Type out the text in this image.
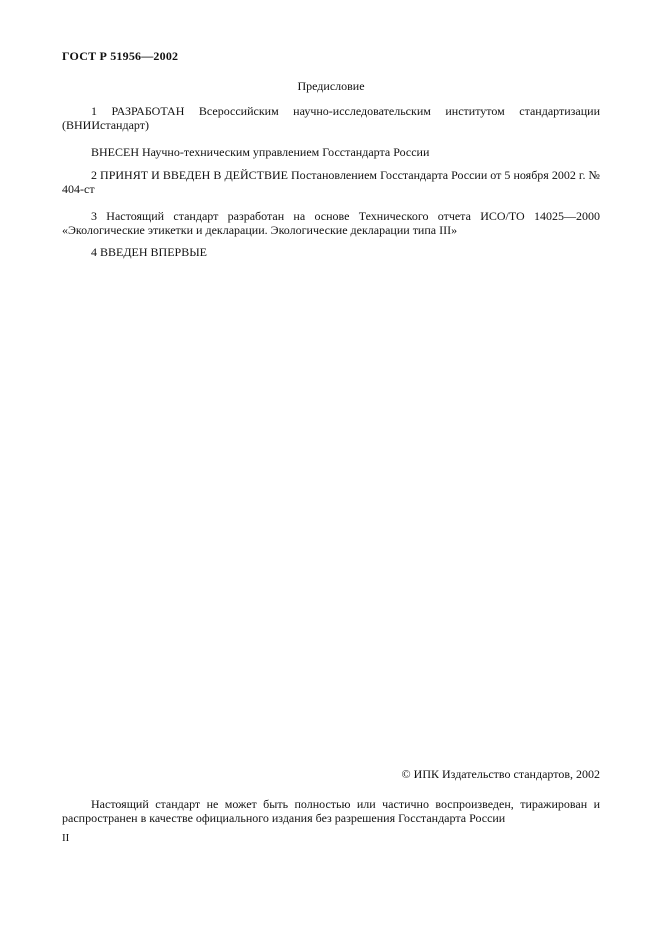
ГОСТ Р 51956—2002
Предисловие
1 РАЗРАБОТАН Всероссийским научно-исследовательским институтом стандартизации (ВНИИстандарт)
ВНЕСЕН Научно-техническим управлением Госстандарта России
2 ПРИНЯТ И ВВЕДЕН В ДЕЙСТВИЕ Постановлением Госстандарта России от 5 ноября 2002 г. № 404-ст
3 Настоящий стандарт разработан на основе Технического отчета ИСО/ТО 14025—2000 «Экологические этикетки и декларации. Экологические декларации типа III»
4 ВВЕДЕН ВПЕРВЫЕ
© ИПК Издательство стандартов, 2002
Настоящий стандарт не может быть полностью или частично воспроизведен, тиражирован и распространен в качестве официального издания без разрешения Госстандарта России
II
